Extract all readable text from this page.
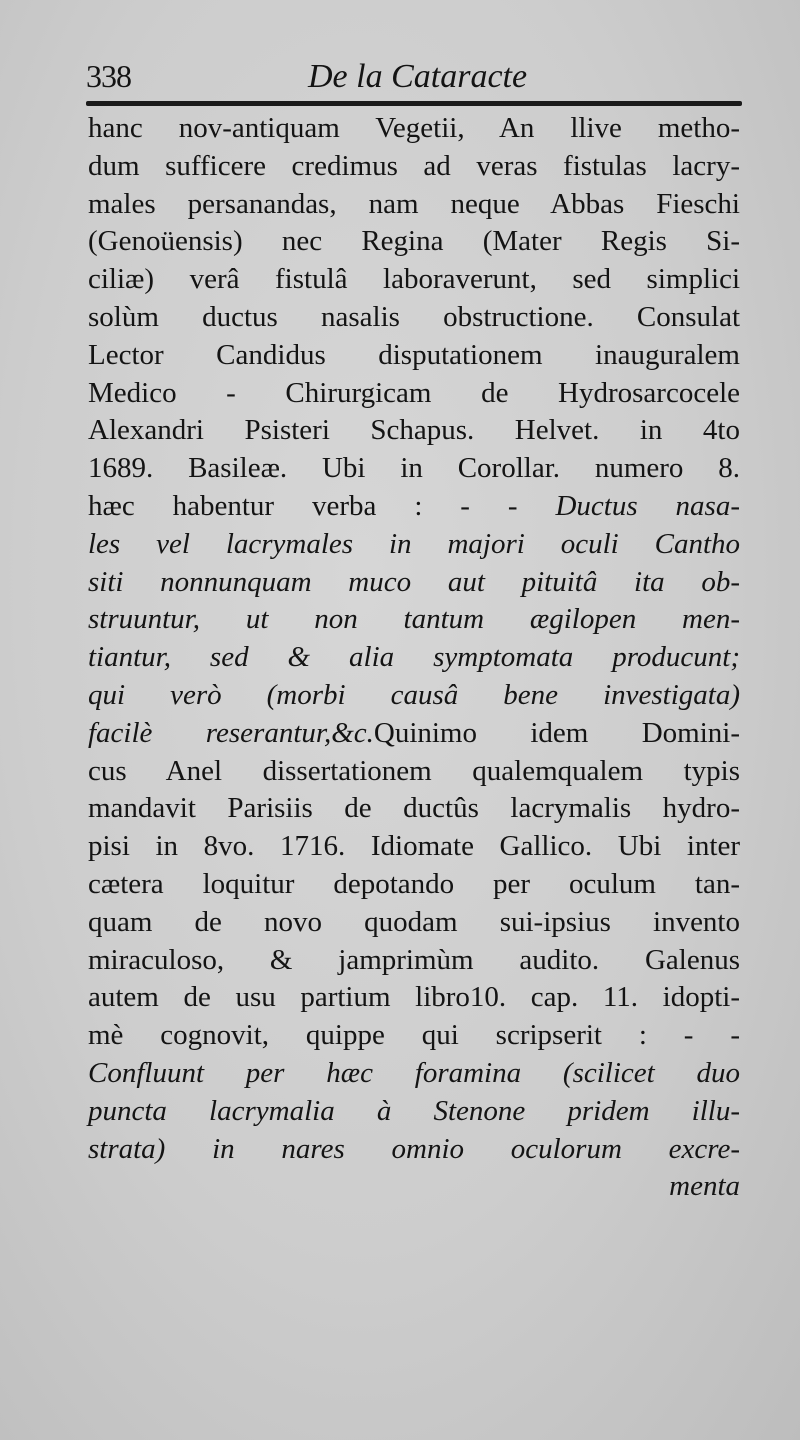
338	De la Cataracte
hanc nov-antiquam Vegetii, An llive metho-
dum sufficere credimus ad veras fistulas lacry-
males persanandas, nam neque Abbas Fieschi
(Genoüensis) nec Regina (Mater Regis Si-
ciliæ) verâ fistulâ laboraverunt, sed simplici
solùm ductus nasalis obstructione. Consulat
Lector Candidus disputationem inauguralem
Medico - Chirurgicam de Hydrosarcocele
Alexandri Psisteri Schapus. Helvet. in 4to
1689. Basileæ. Ubi in Corollar. numero 8.
hæc habentur verba : - - Ductus nasa-
les vel lacrymales in majori oculi Cantho
siti nonnunquam muco aut pituitâ ita ob-
struuntur, ut non tantum ægilopen men-
tiantur, sed & alia symptomata producunt;
qui verò (morbi causâ bene investigata)
facilè reserantur,&c.Quinimo idem Domini-
cus Anel dissertationem qualemqualem typis
mandavit Parisiis de ductûs lacrymalis hydro-
pisi in 8vo. 1716. Idiomate Gallico. Ubi inter
cætera loquitur depotando per oculum tan-
quam de novo quodam sui-ipsius invento
miraculoso, & jamprimùm audito. Galenus
autem de usu partium libro10. cap. 11. idopti-
mè cognovit, quippe qui scripserit : - -
Confluunt per hæc foramina (scilicet duo
puncta lacrymalia à Stenone pridem illu-
strata) in nares omnio oculorum excre-
menta
